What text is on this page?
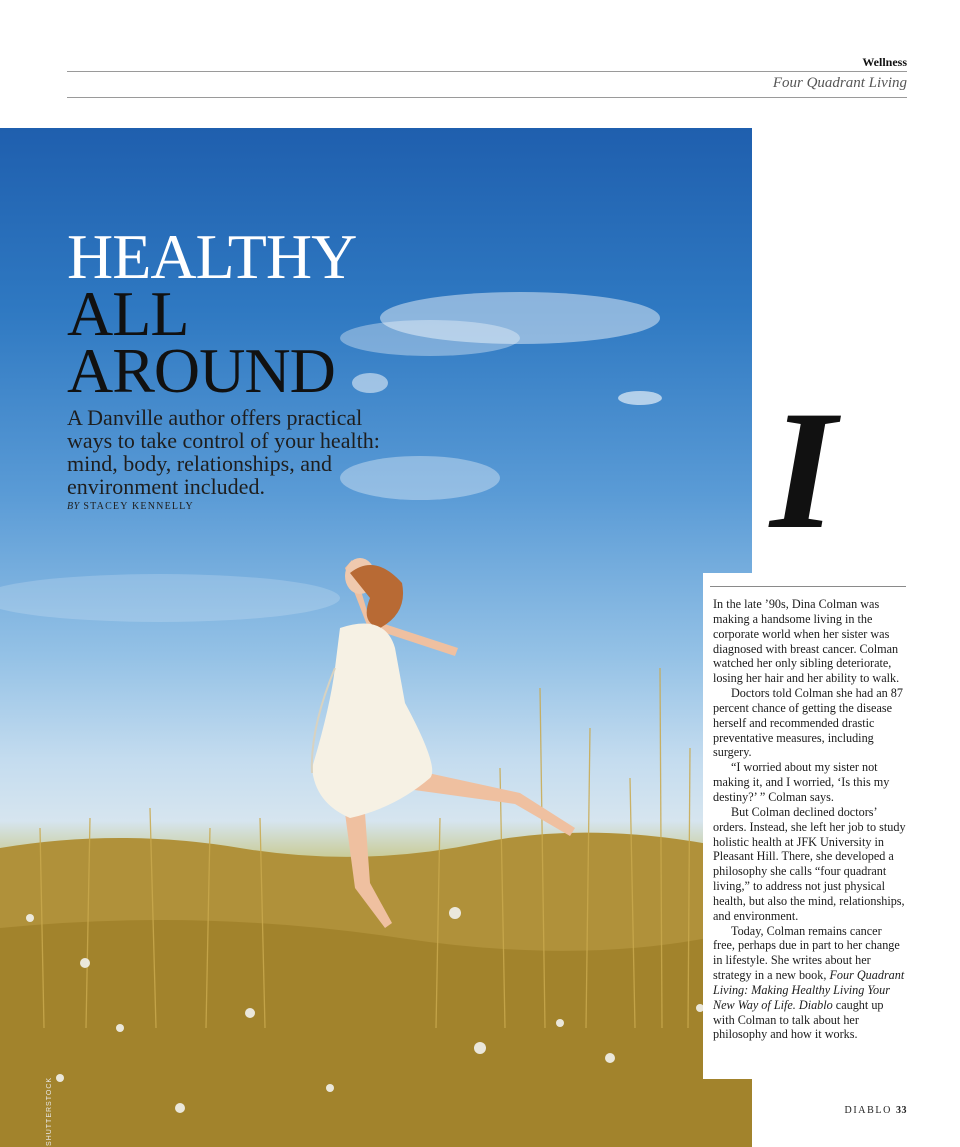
Wellness
Four Quadrant Living
SHUTTERSTOCK
HEALTHY
ALL
AROUND

A Danville author offers practical ways to take control of your health: mind, body, relationships, and environment included.

BY STACEY KENNELLY	I

In the late ’90s, Dina Colman was making a handsome living in the corporate world when her sister was diagnosed with breast cancer. Colman watched her only sibling deteriorate, losing her hair and her ability to walk.

Doctors told Colman she had an 87 percent chance of getting the disease herself and recommended drastic preventative measures, including surgery.

“I worried about my sister not making it, and I worried, ‘Is this my destiny?’ ” Colman says.

But Colman declined doctors’ orders. Instead, she left her job to study holistic health at JFK University in Pleasant Hill. There, she developed a philosophy she calls “four quadrant living,” to address not just physical health, but also the mind, relationships, and environment.

Today, Colman remains cancer free, perhaps due in part to her change in lifestyle. She writes about her strategy in a new book, Four Quadrant Living: Making Healthy Living Your New Way of Life. Diablo caught up with Colman to talk about her philosophy and how it works.

DIABLO 33
